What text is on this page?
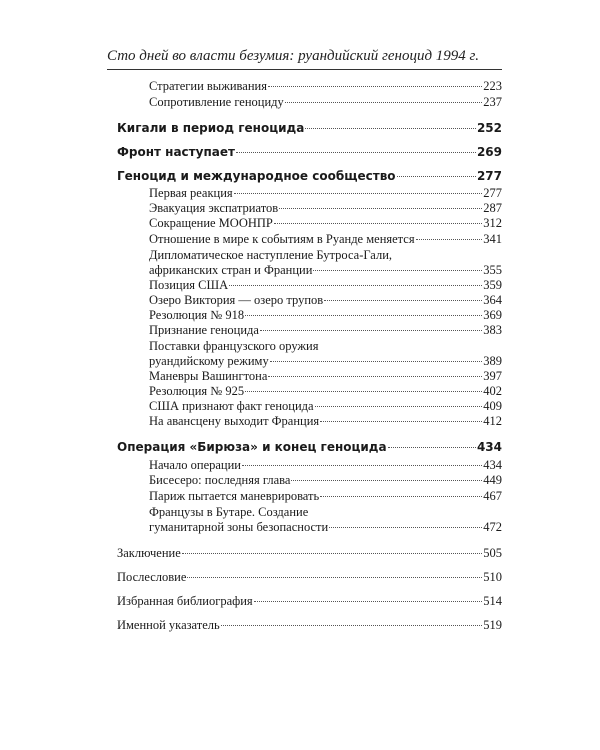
Сто дней во власти безумия: руандийский геноцид 1994 г.
Стратегии выживания	223
Сопротивление геноциду	237
Кигали в период геноцида	252
Фронт наступает	269
Геноцид и международное сообщество	277
Первая реакция	277
Эвакуация экспатриатов	287
Сокращение МООНПР	312
Отношение в мире к событиям в Руанде меняется	341
Дипломатическое наступление Бутроса-Гали,
африканских стран и Франции	355
Позиция США	359
Озеро Виктория — озеро трупов	364
Резолюция № 918	369
Признание геноцида	383
Поставки французского оружия
руандийскому режиму	389
Маневры Вашингтона	397
Резолюция № 925	402
США признают факт геноцида	409
На авансцену выходит Франция	412
Операция «Бирюза» и конец геноцида	434
Начало операции	434
Бисесеро: последняя глава	449
Париж пытается маневрировать	467
Французы в Бутаре. Создание
гуманитарной зоны безопасности	472
Заключение	505
Послесловие	510
Избранная библиография	514
Именной указатель	519
